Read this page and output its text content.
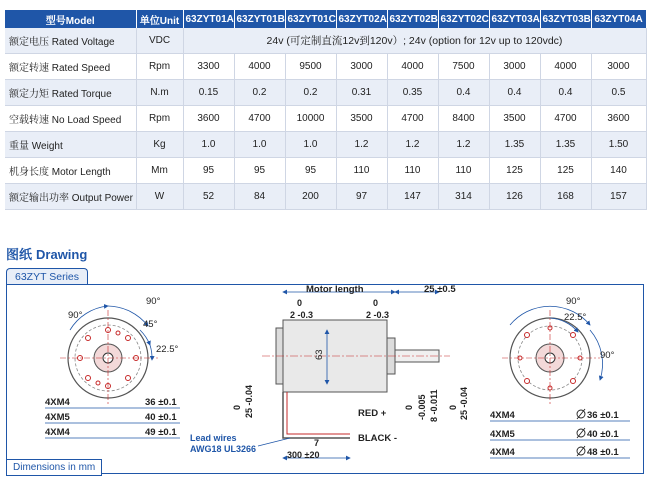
型号Model	单位Unit	63ZYT01A	63ZYT01B	63ZYT01C	63ZYT02A	63ZYT02B	63ZYT02C	63ZYT03A	63ZYT03B	63ZYT04A
额定电压 Rated Voltage	VDC	24v (可定制直流12v到120v）; 24v (option for 12v up to 120vdc)								
额定转速 Rated Speed	Rpm	3300	4000	9500	3000	4000	7500	3000	4000	3000
额定力矩 Rated Torque	N.m	0.15	0.2	0.2	0.31	0.35	0.4	0.4	0.4	0.5
空载转速 No Load Speed	Rpm	3600	4700	10000	3500	4700	8400	3500	4700	3600
重量 Weight	Kg	1.0	1.0	1.0	1.2	1.2	1.2	1.35	1.35	1.50
机身长度 Motor Length	Mm	95	95	95	110	110	110	125	125	140
额定输出功率 Output Power	W	52	84	200	97	147	314	126	168	157
图纸 Drawing
63ZYT Series
90°
90°
45°
22.5°
4XM4
4XM5
4XM4
36 ±0.1
40 ±0.1
49 ±0.1
63
Motor length	25 ±0.5
0
2 -0.3
0
2 -0.3
0 25 -0.04	0 -0.005 8 -0.011 0 25 -0.04
RED +
BLACK -
Lead wires
AWG18 UL3266
7
300 ±20
90°
22.5°
90°
4XM4
4XM5
4XM4
36 ±0.1
40 ±0.1
48 ±0.1
Dimensions in mm
